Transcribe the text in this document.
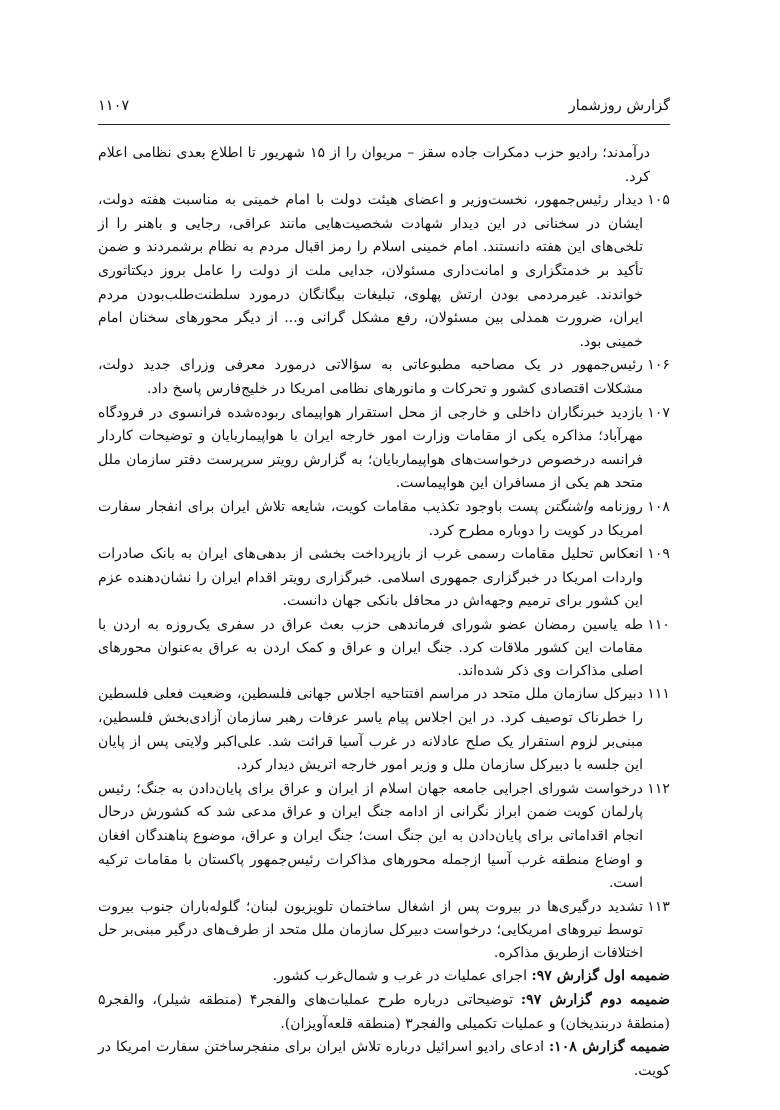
گزارش روزشمار
۱۱۰۷

درآمدند؛ رادیو حزب دمکرات جاده سقز – مریوان را از ۱۵ شهریور تا اطلاع بعدی نظامی اعلام کرد.

۱۰۵
دیدار رئیس‌جمهور، نخست‌وزیر و اعضای هیئت دولت با امام خمینی به مناسبت هفته دولت، ایشان در سخنانی در این دیدار شهادت شخصیت‌هایی مانند عراقی، رجایی و باهنر را از تلخی‌های این هفته دانستند. امام خمینی اسلام را رمز اقبال مردم به نظام برشمردند و ضمن تأکید بر خدمتگزاری و امانت‌داری مسئولان، جدایی ملت از دولت را عامل بروز دیکتاتوری خواندند. غیرمردمی بودن ارتش پهلوی، تبلیغات بیگانگان درمورد سلطنت‌طلب‌بودن مردم ایران، ضرورت همدلی بین مسئولان، رفع مشکل گرانی و... از دیگر محورهای سخنان امام خمینی بود.
۱۰۶
رئیس‌جمهور در یک مصاحبه مطبوعاتی به سؤالاتی درمورد معرفی وزرای جدید دولت، مشکلات اقتصادی کشور و تحرکات و مانورهای نظامی امریکا در خلیج‌فارس پاسخ داد.
۱۰۷
بازدید خبرنگاران داخلی و خارجی از محل استقرار هواپیمای ربوده‌شده فرانسوی در فرودگاه مهرآباد؛ مذاکره یکی از مقامات وزارت امور خارجه ایران با هواپیماربایان و توضیحات کاردار فرانسه درخصوص درخواست‌های هواپیماربایان؛ به گزارش رویتر سرپرست دفتر سازمان ملل متحد هم یکی از مسافران این هواپیماست.
۱۰۸
روزنامه واشنگتن پست باوجود تکذیب مقامات کویت، شایعه تلاش ایران برای انفجار سفارت امریکا در کویت را دوباره مطرح کرد.
۱۰۹
انعکاس تحلیل مقامات رسمی غرب از بازپرداخت بخشی از بدهی‌های ایران به بانک صادرات واردات امریکا در خبرگزاری جمهوری اسلامی. خبرگزاری رویتر اقدام ایران را نشان‌دهنده عزم این کشور برای ترمیم وجهه‌اش در محافل بانکی جهان دانست.
۱۱۰
طه یاسین رمضان عضو شورای فرماندهی حزب بعث عراق در سفری یک‌روزه به اردن با مقامات این کشور ملاقات کرد. جنگ ایران و عراق و کمک اردن به عراق به‌عنوان محورهای اصلی مذاکرات وی ذکر شده‌اند.
۱۱۱
دبیرکل سازمان ملل متحد در مراسم افتتاحیه اجلاس جهانی فلسطین، وضعیت فعلی فلسطین را خطرناک توصیف کرد. در این اجلاس پیام یاسر عرفات رهبر سازمان آزادی‌بخش فلسطین، مبنی‌بر لزوم استقرار یک صلح عادلانه در غرب آسیا قرائت شد. علی‌اکبر ولایتی پس از پایان این جلسه با دبیرکل سازمان ملل و وزیر امور خارجه اتریش دیدار کرد.
۱۱۲
درخواست شورای اجرایی جامعه جهان اسلام از ایران و عراق برای پایان‌دادن به جنگ؛ رئیس پارلمان کویت ضمن ابراز نگرانی از ادامه جنگ ایران و عراق مدعی شد که کشورش درحال انجام اقداماتی برای پایان‌دادن به این جنگ است؛ جنگ ایران و عراق، موضوع پناهندگان افغان و اوضاع منطقه غرب آسیا ازجمله محورهای مذاکرات رئیس‌جمهور پاکستان با مقامات ترکیه است.
۱۱۳
تشدید درگیری‌ها در بیروت پس از اشغال ساختمان تلویزیون لبنان؛ گلوله‌باران جنوب بیروت توسط نیروهای امریکایی؛ درخواست دبیرکل سازمان ملل متحد از طرف‌های درگیر مبنی‌بر حل اختلافات ازطریق مذاکره.

ضمیمه اول گزارش ۹۷: اجرای عملیات در غرب و شمال‌غرب کشور.

ضمیمه دوم گزارش ۹۷: توضیحاتی درباره طرح عملیات‌های والفجر۴ (منطقه شیلر)، والفجر۵ (منطقهٔ دربندیخان) و عملیات تکمیلی والفجر۳ (منطقه قلعه‌آویزان).

ضمیمه گزارش ۱۰۸: ادعای رادیو اسرائیل درباره تلاش ایران برای منفجرساختن سفارت امریکا در کویت.
